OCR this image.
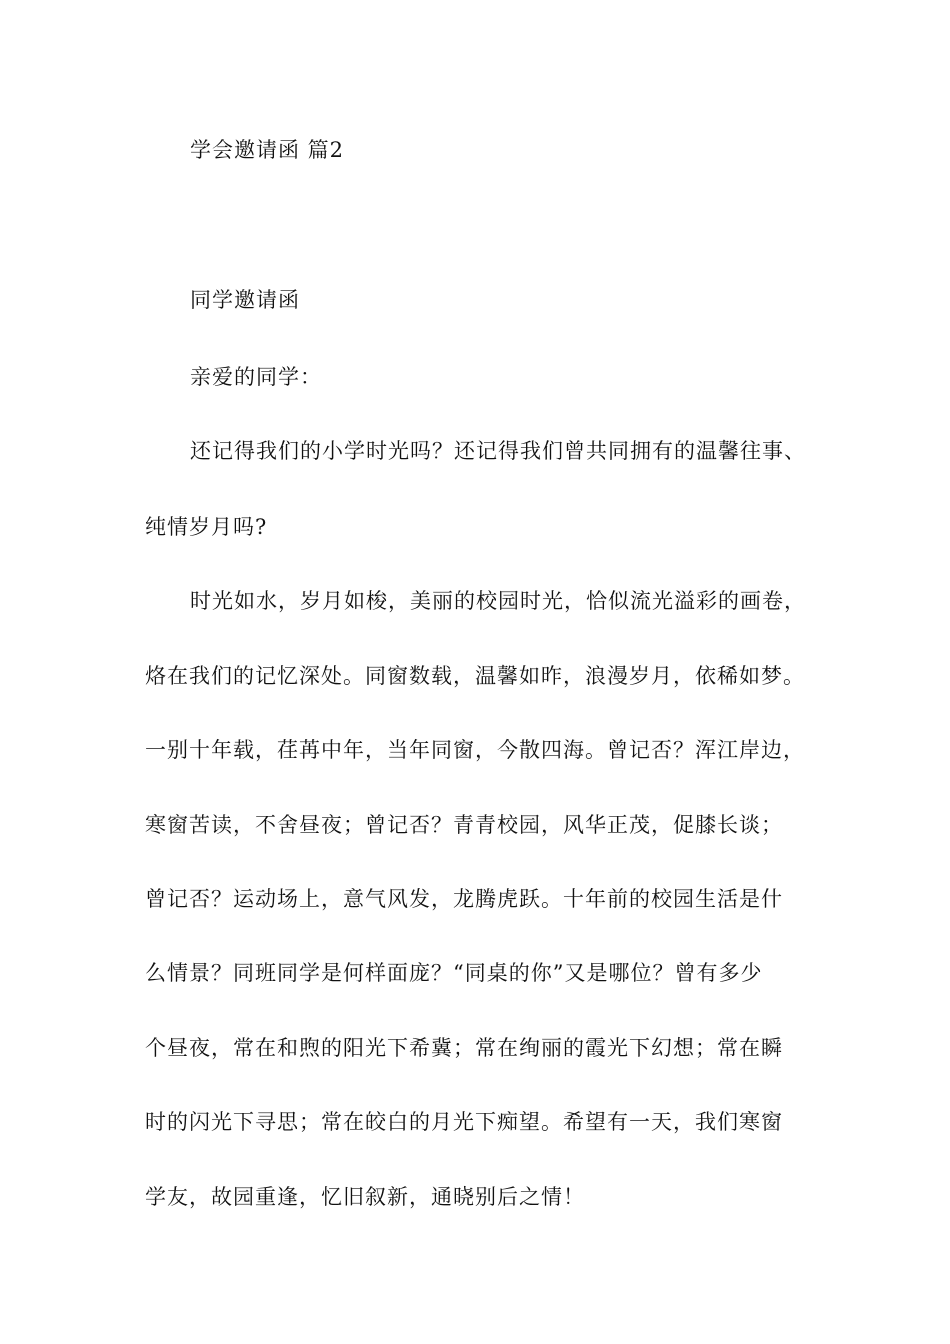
学会邀请函 篇2
同学邀请函
亲爱的同学：
还记得我们的小学时光吗？还记得我们曾共同拥有的温馨往事、
纯情岁月吗?
时光如水，岁月如梭，美丽的校园时光，恰似流光溢彩的画卷，
烙在我们的记忆深处。同窗数载，温馨如昨，浪漫岁月，依稀如梦。
一别十年载，荏苒中年，当年同窗，今散四海。曾记否？浑江岸边，
寒窗苦读，不舍昼夜；曾记否？青青校园，风华正茂，促膝长谈；
曾记否？运动场上，意气风发，龙腾虎跃。十年前的校园生活是什
么情景？同班同学是何样面庞？“同桌的你”又是哪位？曾有多少
个昼夜，常在和煦的阳光下希冀；常在绚丽的霞光下幻想；常在瞬
时的闪光下寻思；常在皎白的月光下痴望。希望有一天，我们寒窗
学友，故园重逢，忆旧叙新，通晓别后之情！
